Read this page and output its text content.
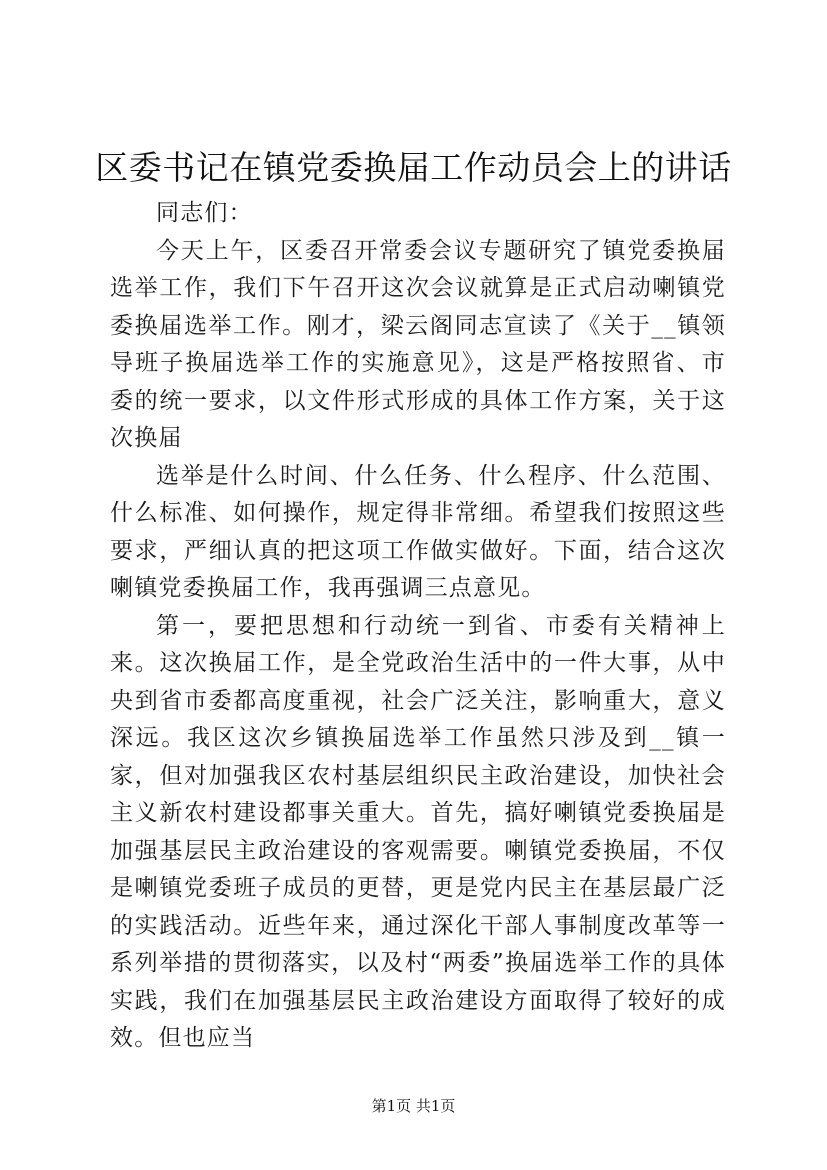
区委书记在镇党委换届工作动员会上的讲话

同志们：

今天上午，区委召开常委会议专题研究了镇党委换届选举工作，我们下午召开这次会议就算是正式启动喇镇党委换届选举工作。刚才，梁云阁同志宣读了《关于__镇领导班子换届选举工作的实施意见》，这是严格按照省、市委的统一要求，以文件形式形成的具体工作方案，关于这次换届

选举是什么时间、什么任务、什么程序、什么范围、什么标准、如何操作，规定得非常细。希望我们按照这些要求，严细认真的把这项工作做实做好。下面，结合这次喇镇党委换届工作，我再强调三点意见。

第一，要把思想和行动统一到省、市委有关精神上来。这次换届工作，是全党政治生活中的一件大事，从中央到省市委都高度重视，社会广泛关注，影响重大，意义深远。我区这次乡镇换届选举工作虽然只涉及到__镇一家，但对加强我区农村基层组织民主政治建设，加快社会主义新农村建设都事关重大。首先，搞好喇镇党委换届是加强基层民主政治建设的客观需要。喇镇党委换届，不仅是喇镇党委班子成员的更替，更是党内民主在基层最广泛的实践活动。近些年来，通过深化干部人事制度改革等一系列举措的贯彻落实，以及村“两委”换届选举工作的具体实践，我们在加强基层民主政治建设方面取得了较好的成效。但也应当

第1页 共1页
